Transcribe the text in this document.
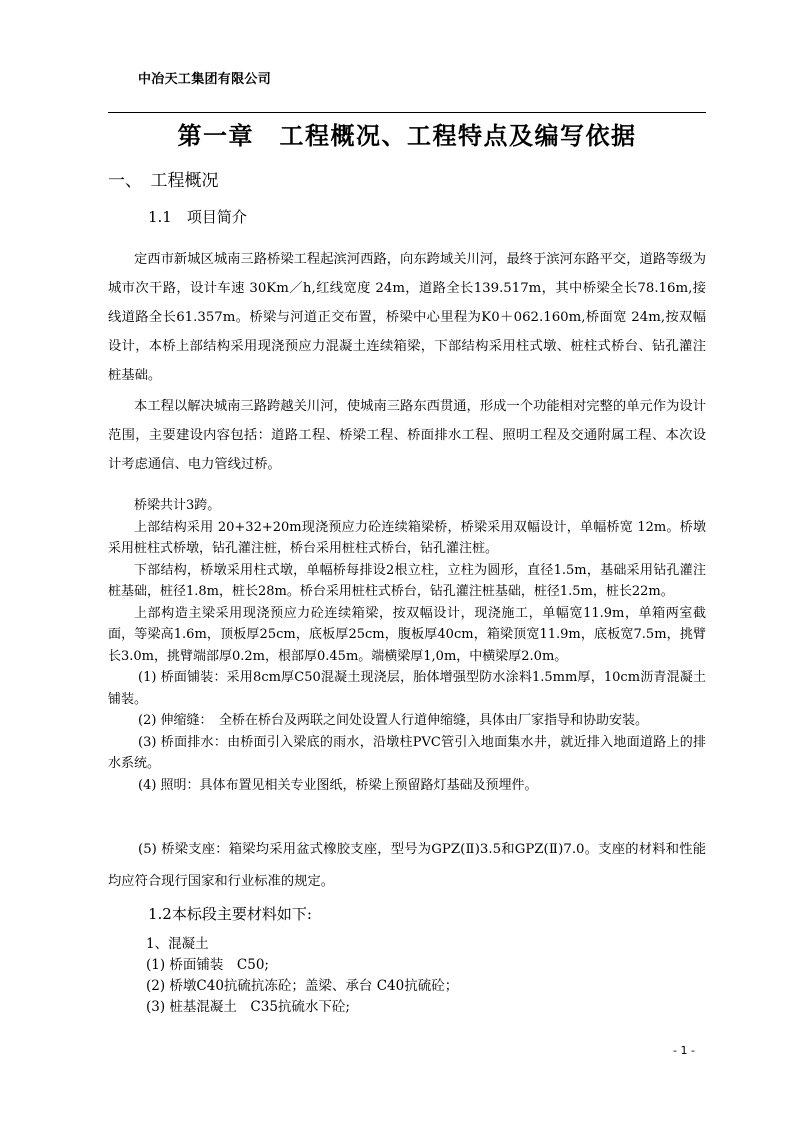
中冶天工集团有限公司
第一章　工程概况、工程特点及编写依据
一、　工程概况
1.1　项目简介

定西市新城区城南三路桥梁工程起滨河西路，向东跨域关川河，最终于滨河东路平交，道路等级为城市次干路，设计车速 30Km／h,红线宽度 24m，道路全长139.517m，其中桥梁全长78.16m,接线道路全长61.357m。桥梁与河道正交布置，桥梁中心里程为K0＋062.160m,桥面宽 24m,按双幅设计，本桥上部结构采用现浇预应力混凝土连续箱梁，下部结构采用柱式墩、桩柱式桥台、钻孔灌注桩基础。

本工程以解决城南三路跨越关川河，使城南三路东西贯通，形成一个功能相对完整的单元作为设计范围，主要建设内容包括：道路工程、桥梁工程、桥面排水工程、照明工程及交通附属工程、本次设计考虑通信、电力管线过桥。

桥梁共计3跨。

上部结构采用 20+32+20m现浇预应力砼连续箱梁桥，桥梁采用双幅设计，单幅桥宽 12m。桥墩采用桩柱式桥墩，钻孔灌注桩，桥台采用桩柱式桥台，钻孔灌注桩。

下部结构，桥墩采用柱式墩，单幅桥每排设2根立柱，立柱为圆形，直径1.5m，基础采用钻孔灌注桩基础，桩径1.8m，桩长28m。桥台采用桩柱式桥台，钻孔灌注桩基础，桩径1.5m，桩长22m。

上部构造主梁采用现浇预应力砼连续箱梁，按双幅设计，现浇施工，单幅宽11.9m，单箱两室截面，等梁高1.6m，顶板厚25cm，底板厚25cm，腹板厚40cm，箱梁顶宽11.9m，底板宽7.5m，挑臂长3.0m，挑臂端部厚0.2m，根部厚0.45m。端横梁厚1,0m，中横梁厚2.0m。

(1) 桥面铺装：采用8cm厚C50混凝土现浇层，胎体增强型防水涂料1.5mm厚，10cm沥青混凝土铺装。

(2) 伸缩缝：　全桥在桥台及两联之间处设置人行道伸缩缝，具体由厂家指导和协助安装。

(3) 桥面排水：由桥面引入梁底的雨水，沿墩柱PVC管引入地面集水井，就近排入地面道路上的排水系统。

(4) 照明：具体布置见相关专业图纸，桥梁上预留路灯基础及预埋件。

(5) 桥梁支座：箱梁均采用盆式橡胶支座，型号为GPZ(Ⅱ)3.5和GPZ(Ⅱ)7.0。支座的材料和性能均应符合现行国家和行业标准的规定。

1.2本标段主要材料如下:

1、混凝土

(1) 桥面铺装　C50;

(2) 桥墩C40抗硫抗冻砼；盖梁、承台 C40抗硫砼；

(3) 桩基混凝土　C35抗硫水下砼;

- 1 -
